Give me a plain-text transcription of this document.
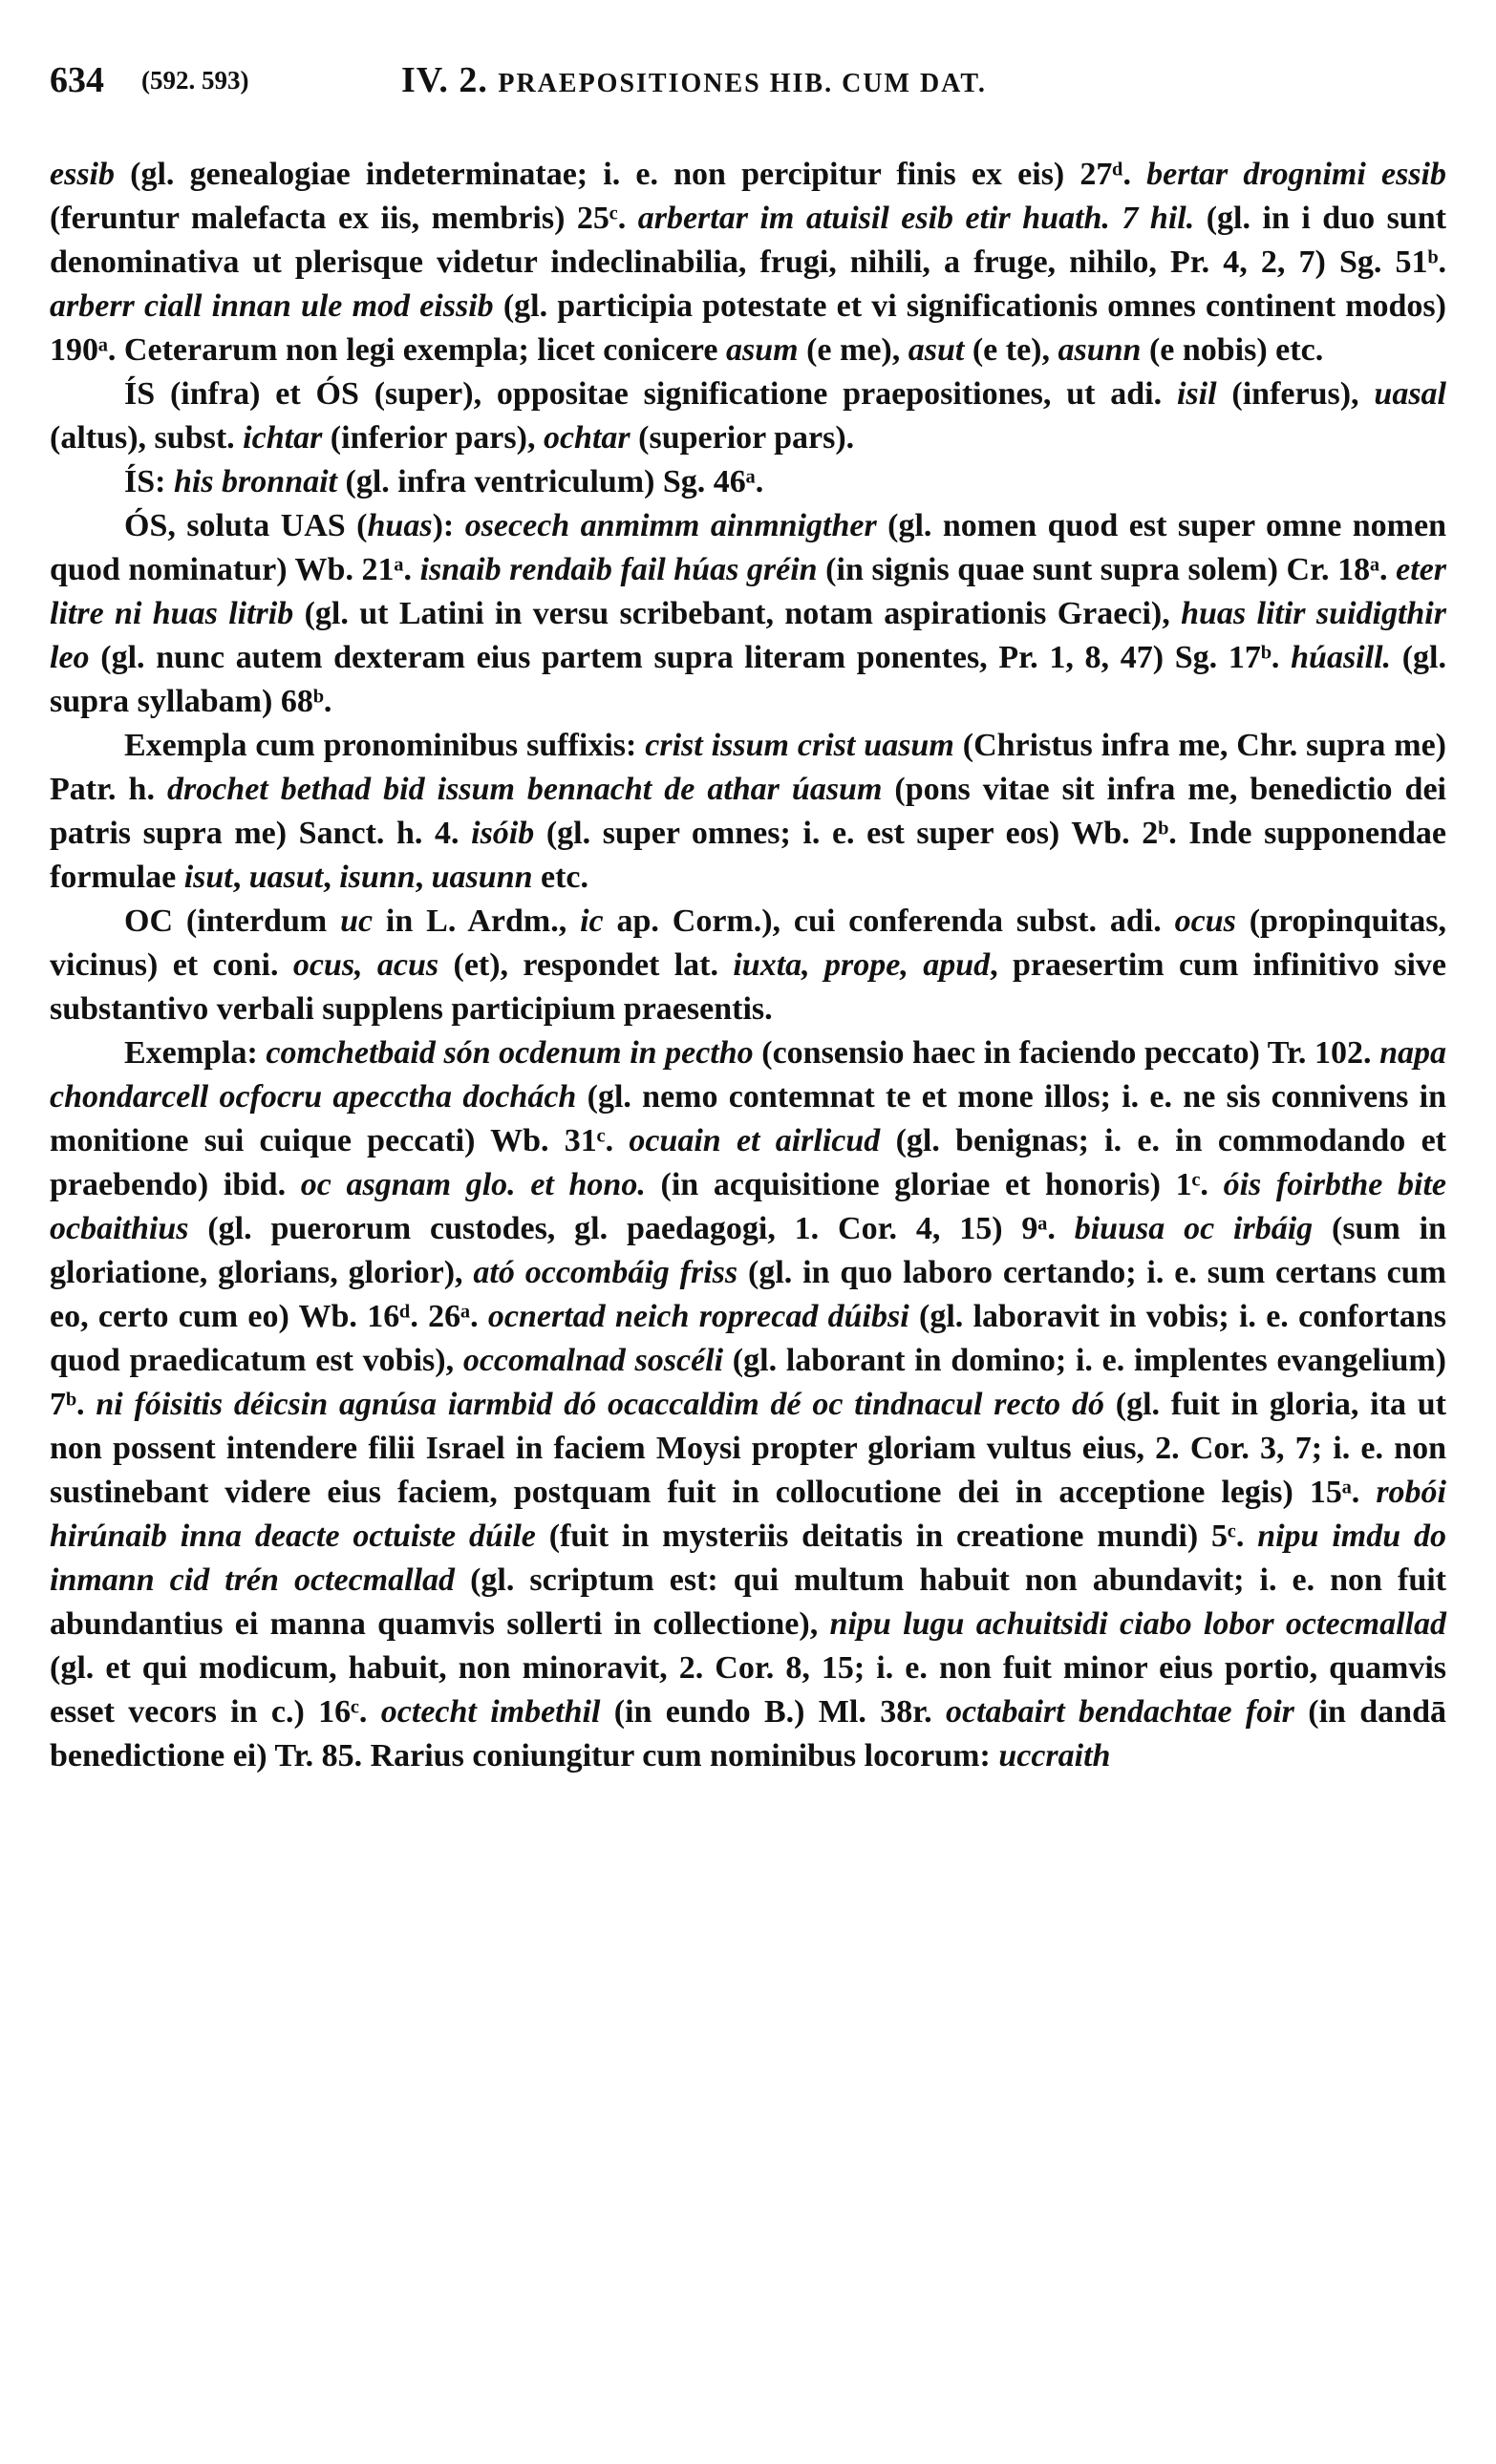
634 (592. 593)	IV. 2. PRAEPOSITIONES HIB. CUM DAT.

essib (gl. genealogiae indeterminatae; i. e. non percipitur finis ex eis) 27ᵈ. bertar drognimi essib (feruntur malefacta ex iis, membris) 25ᶜ. arbertar im atuisil esib etir huath. 7 hil. (gl. in i duo sunt denominativa ut plerisque videtur indeclinabilia, frugi, nihili, a fruge, nihilo, Pr. 4, 2, 7) Sg. 51ᵇ. arberr ciall innan ule mod eissib (gl. participia potestate et vi significationis omnes continent modos) 190ᵃ. Ceterarum non legi exempla; licet conicere asum (e me), asut (e te), asunn (e nobis) etc.

ÍS (infra) et ÓS (super), oppositae significatione praepositiones, ut adi. isil (inferus), uasal (altus), subst. ichtar (inferior pars), ochtar (superior pars).

ÍS: his bronnait (gl. infra ventriculum) Sg. 46ᵃ.

ÓS, soluta UAS (huas): osecech anmimm ainmnigther (gl. nomen quod est super omne nomen quod nominatur) Wb. 21ᵃ. isnaib rendaib fail húas gréin (in signis quae sunt supra solem) Cr. 18ᵃ. eter litre ni huas litrib (gl. ut Latini in versu scribebant, notam aspirationis Graeci), huas litir suidigthir leo (gl. nunc autem dexteram eius partem supra literam ponentes, Pr. 1, 8, 47) Sg. 17ᵇ. húasill. (gl. supra syllabam) 68ᵇ.

Exempla cum pronominibus suffixis: crist issum crist uasum (Christus infra me, Chr. supra me) Patr. h. drochet bethad bid issum bennacht de athar úasum (pons vitae sit infra me, benedictio dei patris supra me) Sanct. h. 4. isóib (gl. super omnes; i. e. est super eos) Wb. 2ᵇ. Inde supponendae formulae isut, uasut, isunn, uasunn etc.

OC (interdum uc in L. Ardm., ic ap. Corm.), cui conferenda subst. adi. ocus (propinquitas, vicinus) et coni. ocus, acus (et), respondet lat. iuxta, prope, apud, praesertim cum infinitivo sive substantivo verbali supplens participium praesentis.

Exempla: comchetbaid són ocdenum in pectho (consensio haec in faciendo peccato) Tr. 102. napa chondarcell ocfocru apecctha dochách (gl. nemo contemnat te et mone illos; i. e. ne sis connivens in monitione sui cuique peccati) Wb. 31ᶜ. ocuain et airlicud (gl. benignas; i. e. in commodando et praebendo) ibid. oc asgnam glo. et hono. (in acquisitione gloriae et honoris) 1ᶜ. óis foirbthe bite ocbaithius (gl. puerorum custodes, gl. paedagogi, 1. Cor. 4, 15) 9ᵃ. biuusa oc irbáig (sum in gloriatione, glorians, glorior), ató occombáig friss (gl. in quo laboro certando; i. e. sum certans cum eo, certo cum eo) Wb. 16ᵈ. 26ᵃ. ocnertad neich roprecad dúibsi (gl. laboravit in vobis; i. e. confortans quod praedicatum est vobis), occomalnad soscéli (gl. laborant in domino; i. e. implentes evangelium) 7ᵇ. ni fóisitis déicsin agnúsa iarmbid dó ocaccaldim dé oc tindnacul recto dó (gl. fuit in gloria, ita ut non possent intendere filii Israel in faciem Moysi propter gloriam vultus eius, 2. Cor. 3, 7; i. e. non sustinebant videre eius faciem, postquam fuit in collocutione dei in acceptione legis) 15ᵃ. robói hirúnaib inna deacte octuiste dúile (fuit in mysteriis deitatis in creatione mundi) 5ᶜ. nipu imdu do inmann cid trén octecmallad (gl. scriptum est: qui multum habuit non abundavit; i. e. non fuit abundantius ei manna quamvis sollerti in collectione), nipu lugu achuitsidi ciabo lobor octecmallad (gl. et qui modicum, habuit, non minoravit, 2. Cor. 8, 15; i. e. non fuit minor eius portio, quamvis esset vecors in c.) 16ᶜ. octecht imbethil (in eundo B.) Ml. 38r. octabairt bendachtae foir (in dandā benedictione ei) Tr. 85. Rarius coniungitur cum nominibus locorum: uccraith
